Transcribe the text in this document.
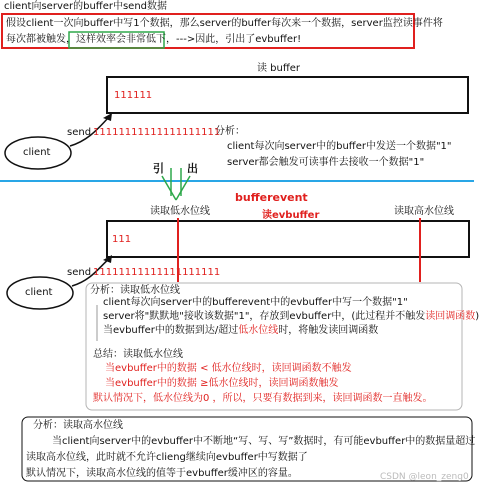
client向server的buffer中send数据
假设client一次向buffer中写1个数据，那么server的buffer每次来一个数据，server监控读事件将
每次都被触发，这样效率会非常低下，--->因此，引出了evbuffer!
读 buffer
111111
send 11111111111111111111
client
分析：
client每次向server中的buffer中发送一个数据"1"
server都会触发可读事件去接收一个数据"1"
引 出
bufferevent
读evbuffer
读取低水位线	读取高水位线
111
send 11111111111111111111
client	分析：读取低水位线
client每次向server中的bufferevent中的evbuffer中写一个数据"1"
server将"默默地"接收该数据"1"，存放到evbuffer中，(此过程并不触发读回调函数)
当evbuffer中的数据到达/超过低水位线时，将触发读回调函数
总结：读取低水位线
当evbuffer中的数据 < 低水位线时，读回调函数不触发
当evbuffer中的数据 ≥低水位线时，读回调函数触发
默认情况下，低水位线为0 ，所以，只要有数据到来，读回调函数一直触发。
分析：读取高水位线
当client向server中的evbuffer中不断地“写、写、写”数据时，有可能evbuffer中的数据量超过
读取高水位线，此时就不允许clieng继续向evbuffer中写数据了
默认情况下，读取高水位线的值等于evbuffer缓冲区的容量。	CSDN @leon_zeng0
